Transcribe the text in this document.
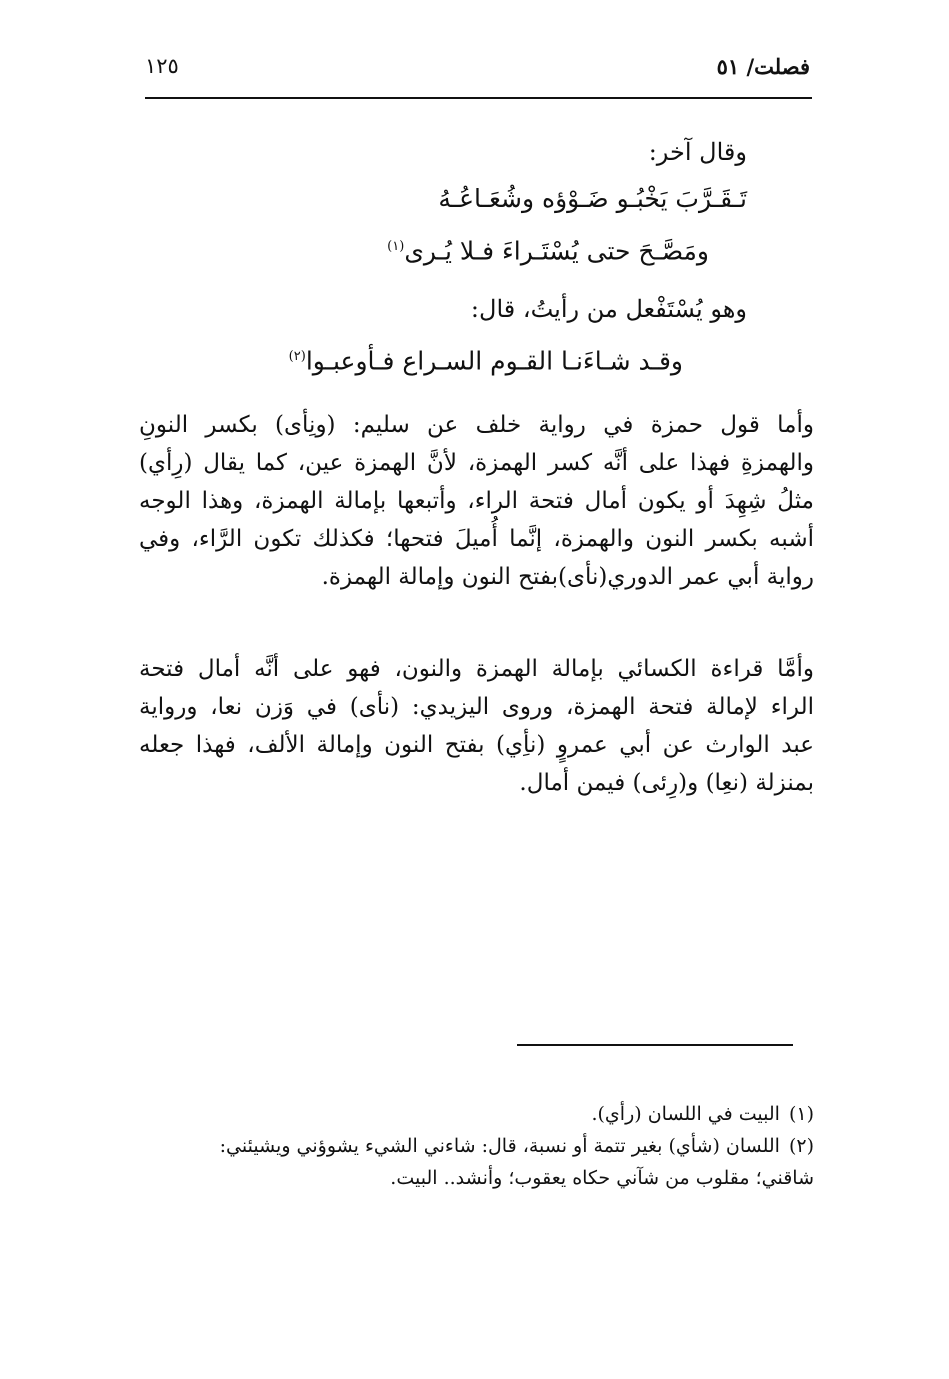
فصلت/ ٥١
١٢٥
وقال آخر:
تَـقَـرَّبَ يَخْبُـو ضَـوْؤه وشُعَـاعُـهُ
ومَصَّـحَ حتى يُسْتَـراءَ فـلا يُـرى$^{(١)}$
وهو يُسْتَفْعل من رأيتُ، قال:
وقـد شـاءَنـا القـوم السـراع فـأوعبـوا$^{(٢)}$
وأما قول حمزة في رواية خلف عن سليم: (ونِأى) بكسر النونِ
والهمزةِ فهذا على أنَّه كسر الهمزة، لأنَّ الهمزة عين، كما يقال (رِأي)
مثلُ شِهِدَ أو يكون أمال فتحة الراء، وأتبعها بإمالة الهمزة، وهذا الوجه
أشبه بكسر النون والهمزة، إنَّما أُميلَ فتحها؛ فكذلك تكون الرَّاء، وفي
رواية أبي عمر الدوري(نأى)بفتح النون وإمالة الهمزة.
وأمَّا قراءة الكسائي بإمالة الهمزة والنون، فهو على أنَّه أمال فتحة
الراء لإمالة فتحة الهمزة، وروى اليزيدي: (نأى) في وَزن نعا، ورواية
عبد الوارث عن أبي عمروٍ (نأِي) بفتح النون وإمالة الألف، فهذا جعله
بمنزلة (نعِا) و(رِئى) فيمن أمال.
(١) البيت في اللسان (رأي).
(٢) اللسان (شأي) بغير تتمة أو نسبة، قال: شاءني الشيء يشوؤني ويشيئني:
شاقني؛ مقلوب من شآني حكاه يعقوب؛ وأنشد.. البيت.
